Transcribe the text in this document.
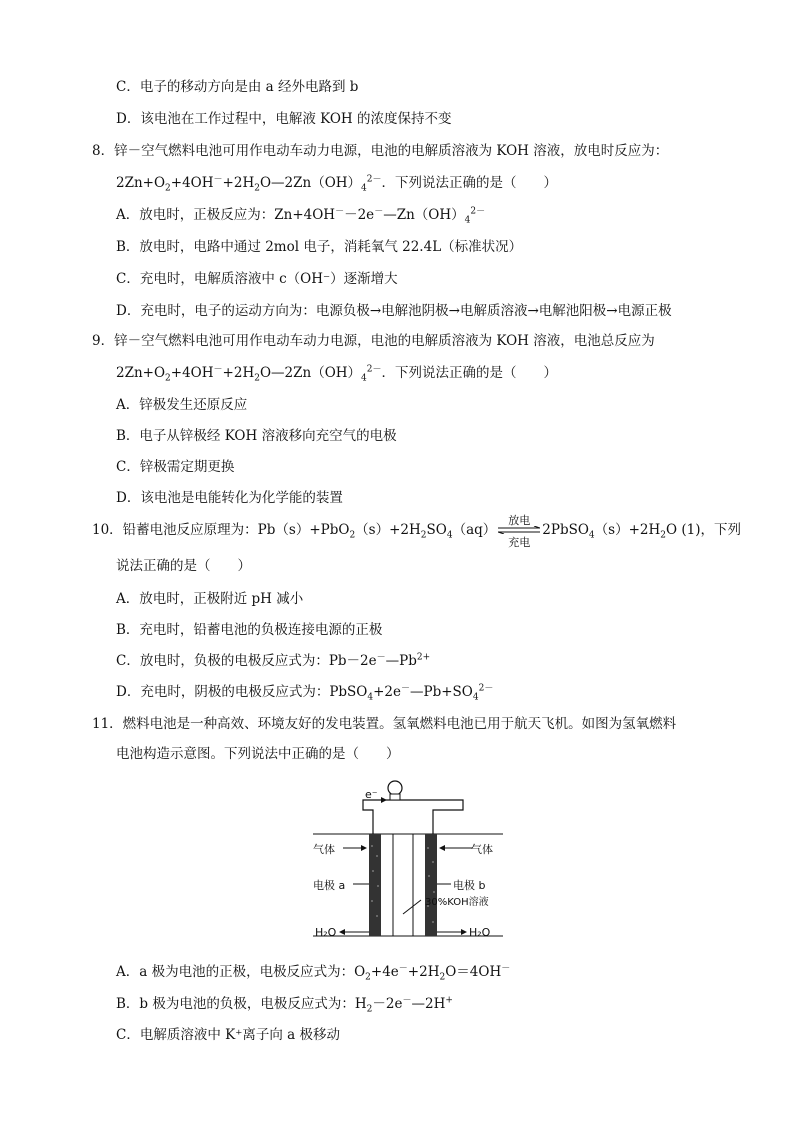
C．电子的移动方向是由 a 经外电路到 b
D．该电池在工作过程中，电解液 KOH 的浓度保持不变
8．锌－空气燃料电池可用作电动车动力电源，电池的电解质溶液为 KOH 溶液，放电时反应为：
$2Zn+O_2+4OH^-+2H_2O—2Zn(OH)_4^{2-}$．下列说法正确的是（　　）
A．放电时，正极反应为：$Zn+4OH^--2e^-—Zn(OH)_4^{2-}$
B．放电时，电路中通过 2mol 电子，消耗氧气 22.4L（标准状况）
C．充电时，电解质溶液中 c（OH⁻）逐渐增大
D．充电时，电子的运动方向为：电源负极→电解池阴极→电解质溶液→电解池阳极→电源正极
9．锌－空气燃料电池可用作电动车动力电源，电池的电解质溶液为 KOH 溶液，电池总反应为
$2Zn+O_2+4OH^-+2H_2O—2Zn(OH)_4^{2-}$．下列说法正确的是（　　）
A．锌极发生还原反应
B．电子从锌极经 KOH 溶液移向充空气的电极
C．锌极需定期更换
D．该电池是电能转化为化学能的装置
10．铅蓄电池反应原理为：$Pb(s)+PbO_2(s)+2H_2SO_4(aq)$
放电
充电
$2PbSO_4(s)+2H_2O$ (1)，下列
说法正确的是（　　）
A．放电时，正极附近 pH 减小
B．充电时，铅蓄电池的负极连接电源的正极
C．放电时，负极的电极反应式为：$Pb-2e^-—Pb^{2+}$
D．充电时，阴极的电极反应式为：$PbSO_4+2e^-—Pb+SO_4^{2-}$
11．燃料电池是一种高效、环境友好的发电装置。氢氧燃料电池已用于航天飞机。如图为氢氧燃料
电池构造示意图。下列说法中正确的是（　　）
e⁻
气体	气体
电极 a	电极 b
30%KOH溶液
H₂O	H₂O
A．a 极为电池的正极，电极反应式为：$O_2+4e^-+2H_2O=4OH^-$
B．b 极为电池的负极，电极反应式为：$H_2-2e^-—2H^+$
C．电解质溶液中 K⁺离子向 a 极移动
